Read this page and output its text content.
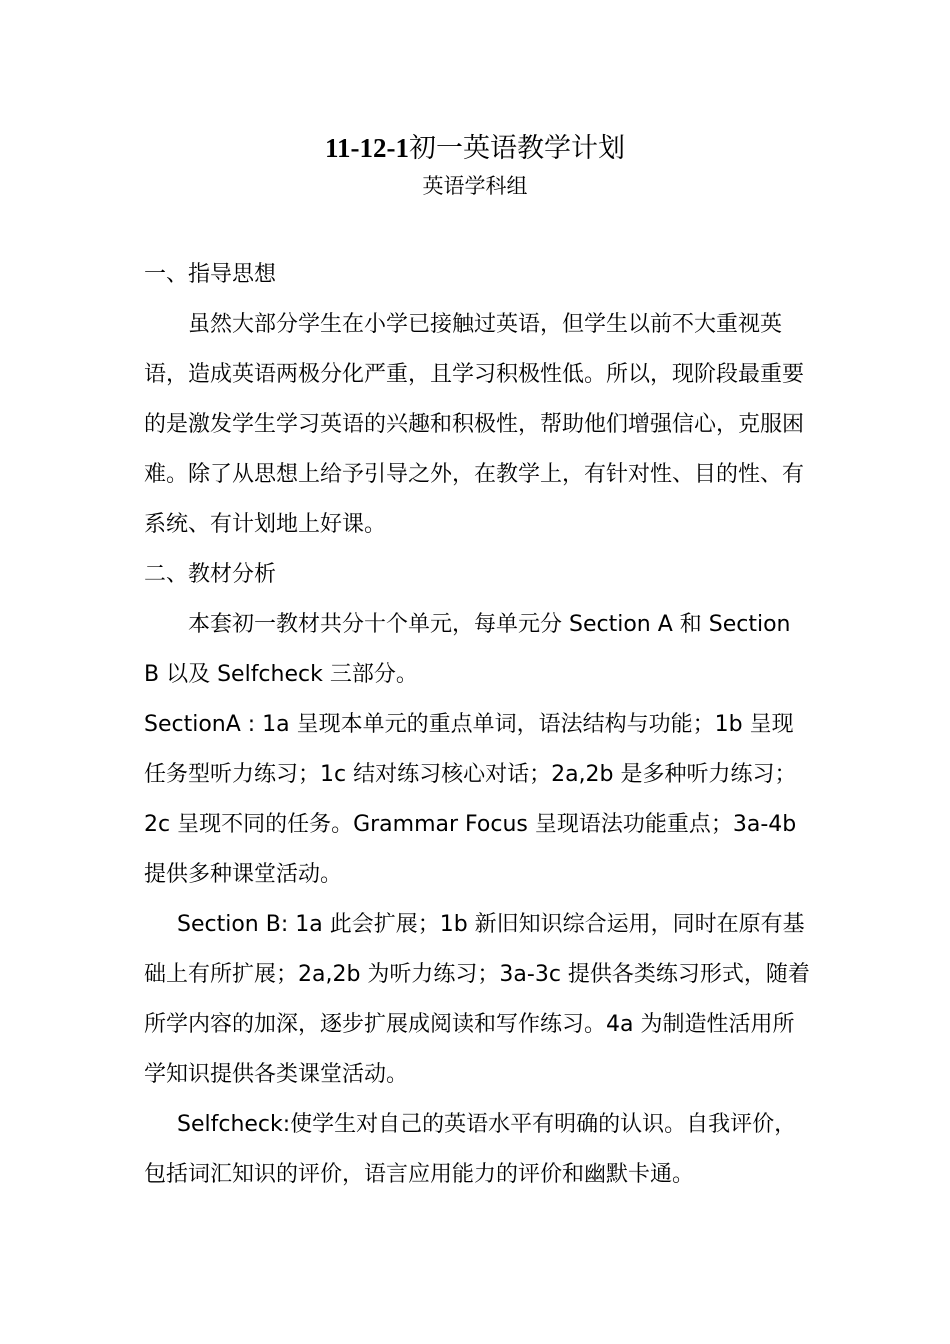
11-12-1初一英语教学计划
英语学科组

一、指导思想

虽然大部分学生在小学已接触过英语，但学生以前不大重视英语，造成英语两极分化严重，且学习积极性低。所以，现阶段最重要的是激发学生学习英语的兴趣和积极性，帮助他们增强信心，克服困难。除了从思想上给予引导之外，在教学上，有针对性、目的性、有系统、有计划地上好课。

二、教材分析

本套初一教材共分十个单元，每单元分 Section A 和 Section B 以及 Selfcheck 三部分。

SectionA : 1a 呈现本单元的重点单词，语法结构与功能；1b 呈现任务型听力练习；1c 结对练习核心对话；2a,2b 是多种听力练习；2c 呈现不同的任务。Grammar Focus 呈现语法功能重点；3a-4b 提供多种课堂活动。

Section B: 1a 此会扩展；1b 新旧知识综合运用，同时在原有基础上有所扩展；2a,2b 为听力练习；3a-3c 提供各类练习形式，随着所学内容的加深，逐步扩展成阅读和写作练习。4a 为制造性活用所学知识提供各类课堂活动。

Selfcheck:使学生对自己的英语水平有明确的认识。自我评价，包括词汇知识的评价，语言应用能力的评价和幽默卡通。
